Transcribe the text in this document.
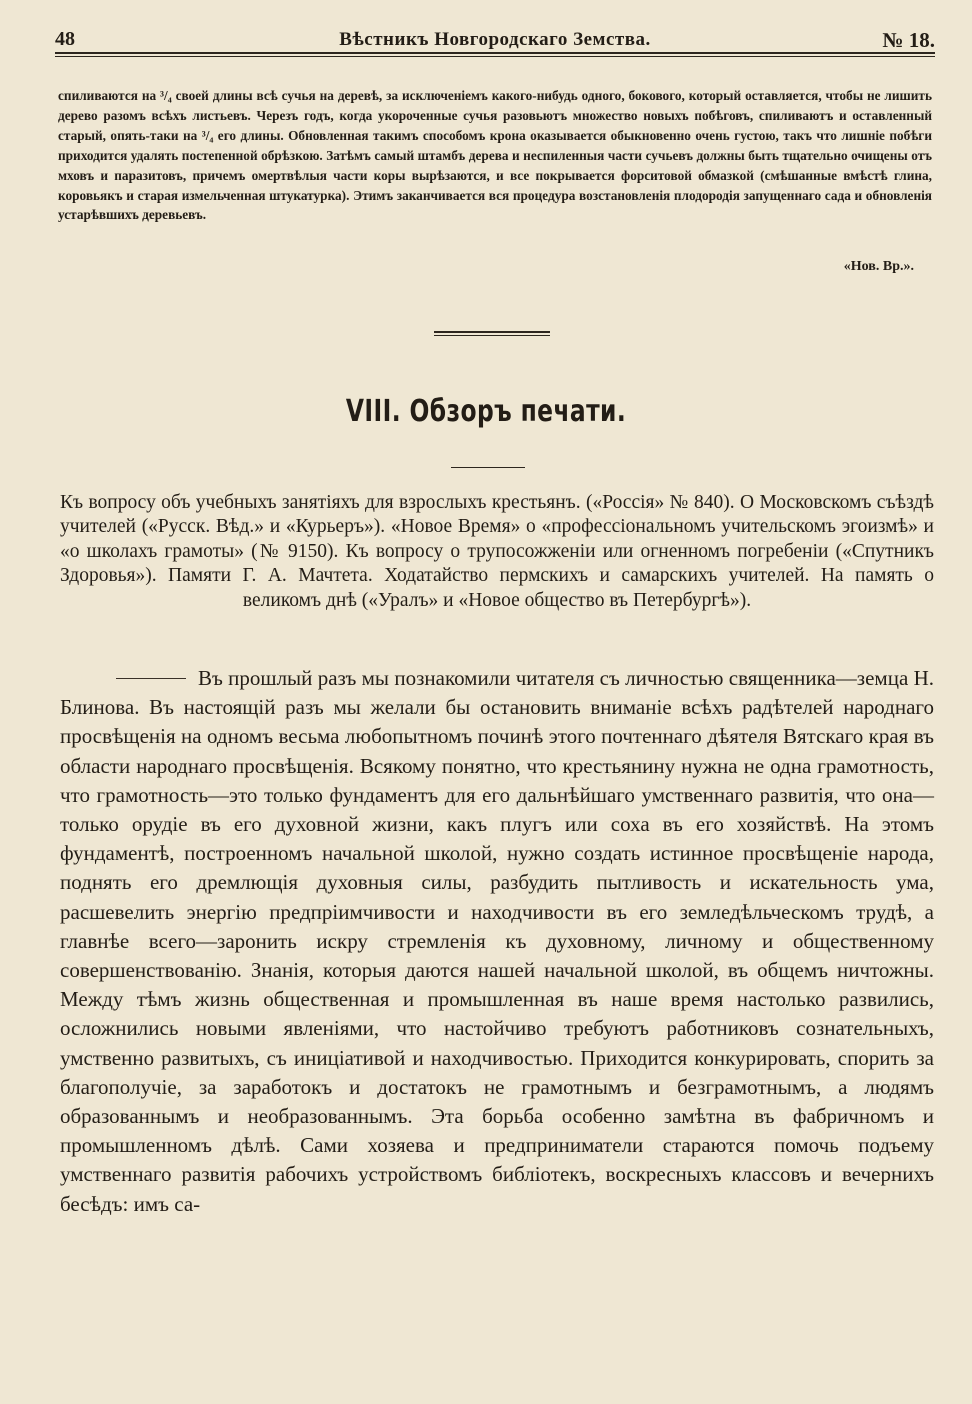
48	Вѣстникъ Новгородскаго Земства.	№ 18.

спиливаются на ³/₄ своей длины всѣ сучья на деревѣ, за исключеніемъ какого-нибудь одного, бокового, который оставляется, чтобы не лишить дерево разомъ всѣхъ листьевъ. Черезъ годъ, когда укороченные сучья разовьютъ множество новыхъ побѣговъ, спиливаютъ и оставленный старый, опять-таки на ³/₄ его длины. Обновленная такимъ способомъ крона оказывается обыкновенно очень густою, такъ что лишніе побѣги приходится удалять постепенной обрѣзкою. Затѣмъ самый штамбъ дерева и неспиленныя части сучьевъ должны быть тщательно очищены отъ мховъ и паразитовъ, причемъ омертвѣлыя части коры вырѣзаются, и все покрывается форситовой обмазкой (смѣшанные вмѣстѣ глина, коровьякъ и старая измельченная штукатурка). Этимъ заканчивается вся процедура возстановленія плодородія запущеннаго сада и обновленія устарѣвшихъ дерeвьевъ.

«Нов. Вр.».
VIII. Обзоръ печати.

Къ вопросу объ учебныхъ занятіяхъ для взрослыхъ крестьянъ. («Россія» № 840). О Московскомъ съѣздѣ учителей («Русск. Вѣд.» и «Курьеръ»). «Новое Время» о «профессіональномъ учительскомъ эгоизмѣ» и «о школахъ грамоты» (№ 9150). Къ вопросу о трупосожженіи или огненномъ погребеніи («Спутникъ Здоровья»). Памяти Г. А. Мачтета. Ходатайство пермскихъ и самарскихъ учителей. На память о великомъ днѣ («Уралъ» и «Новое общество въ Петербургѣ»).

Въ прошлый разъ мы познакомили читателя съ личностью священника—земца Н. Блинова. Въ настоящій разъ мы желали бы остановить вниманіе всѣхъ радѣтелей народнаго просвѣщенія на одномъ весьма любопытномъ починѣ этого почтеннаго дѣятеля Вятскаго края въ области народнаго просвѣщенія. Всякому понятно, что крестьянину нужна не одна грамотность, что грамотность—это только фундаментъ для его дальнѣйшаго умственнаго развитія, что она—только орудіе въ его духовной жизни, какъ плугъ или соха въ его хозяйствѣ. На этомъ фундаментѣ, построенномъ начальной школой, нужно создать истинное просвѣщеніе народа, поднять его дремлющія духовныя силы, разбудить пытливость и искательность ума, расшевелить энергію предпріимчивости и находчивости въ его земледѣльческомъ трудѣ, а главнѣе всего—заронить искру стремленія къ духовному, личному и общественному совершенствованію. Знанія, которыя даются нашей начальной школой, въ общемъ ничтожны. Между тѣмъ жизнь общественная и промышленная въ наше время настолько развились, осложнились новыми явленіями, что настойчиво требуютъ работниковъ сознательныхъ, умственно развитыхъ, съ иниціативой и находчивостью. Приходится конкурировать, спорить за благополучіе, за заработокъ и достатокъ не грамотнымъ и безграмотнымъ, а людямъ образованнымъ и необразованнымъ. Эта борьба особенно замѣтна въ фабричномъ и промышленномъ дѣлѣ. Сами хозяева и предприниматели стараются помочь подъему умственнаго развитія рабочихъ устройствомъ библіотекъ, воскресныхъ классовъ и вечернихъ бесѣдъ: имъ са-
